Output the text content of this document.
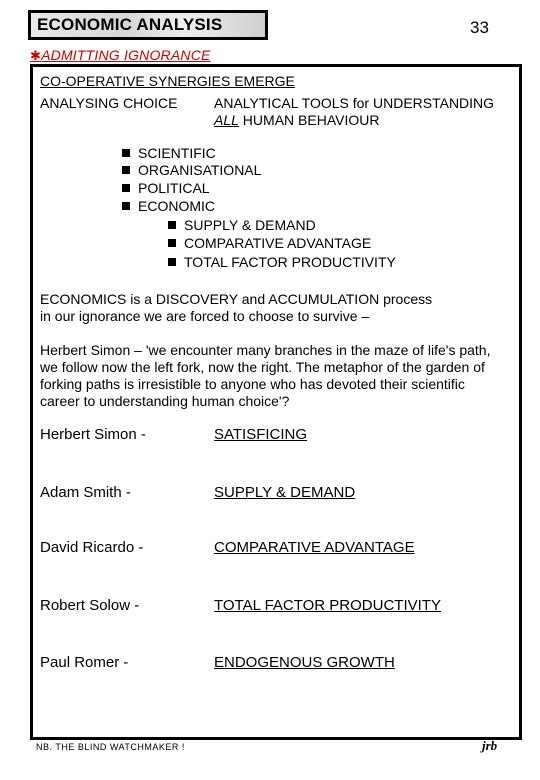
ECONOMIC ANALYSIS	33
✱ADMITTING IGNORANCE
CO-OPERATIVE SYNERGIES EMERGE
ANALYSING CHOICE	ANALYTICAL TOOLS for UNDERSTANDING
ALL HUMAN BEHAVIOUR
SCIENTIFIC
ORGANISATIONAL
POLITICAL
ECONOMIC
SUPPLY & DEMAND
COMPARATIVE ADVANTAGE
TOTAL FACTOR PRODUCTIVITY
ECONOMICS is a DISCOVERY and ACCUMULATION process
in our ignorance we are forced to choose to survive –
Herbert Simon – 'we encounter many branches in the maze of life's path,
we follow now the left fork, now the right. The metaphor of the garden of
forking paths is irresistible to anyone who has devoted their scientific
career to understanding human choice'?
Herbert Simon -	SATISFICING
Adam Smith -	SUPPLY & DEMAND
David Ricardo -	COMPARATIVE ADVANTAGE
Robert Solow -	TOTAL FACTOR PRODUCTIVITY
Paul Romer -	ENDOGENOUS GROWTH
NB. THE BLIND WATCHMAKER !	jrb
